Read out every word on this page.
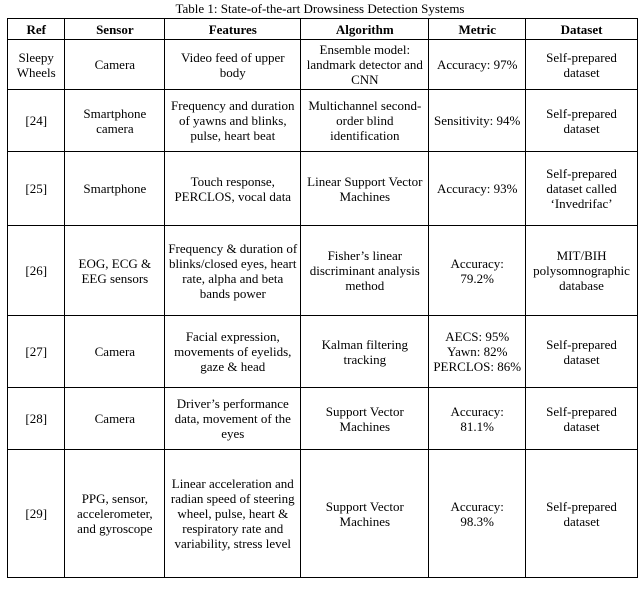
Table 1: State-of-the-art Drowsiness Detection Systems
Ref	Sensor	Features	Algorithm	Metric	Dataset
Sleepy Wheels	Camera	Video feed of upper body	Ensemble model: landmark detector and CNN	Accuracy: 97%	Self-prepared dataset
[24]	Smartphone camera	Frequency and duration of yawns and blinks, pulse, heart beat	Multichannel second-order blind identification	Sensitivity: 94%	Self-prepared dataset
[25]	Smartphone	Touch response, PERCLOS, vocal data	Linear Support Vector Machines	Accuracy: 93%	Self-prepared dataset called ‘Invedrifac’
[26]	EOG, ECG & EEG sensors	Frequency & duration of blinks/closed eyes, heart rate, alpha and beta bands power	Fisher’s linear discriminant analysis method	Accuracy: 79.2%	MIT/BIH polysomnographic database
[27]	Camera	Facial expression, movements of eyelids, gaze & head	Kalman filtering tracking	AECS: 95% Yawn: 82% PERCLOS: 86%	Self-prepared dataset
[28]	Camera	Driver’s performance data, movement of the eyes	Support Vector Machines	Accuracy: 81.1%	Self-prepared dataset
[29]	PPG, sensor, accelerometer, and gyroscope	Linear acceleration and radian speed of steering wheel, pulse, heart & respiratory rate and variability, stress level	Support Vector Machines	Accuracy: 98.3%	Self-prepared dataset
